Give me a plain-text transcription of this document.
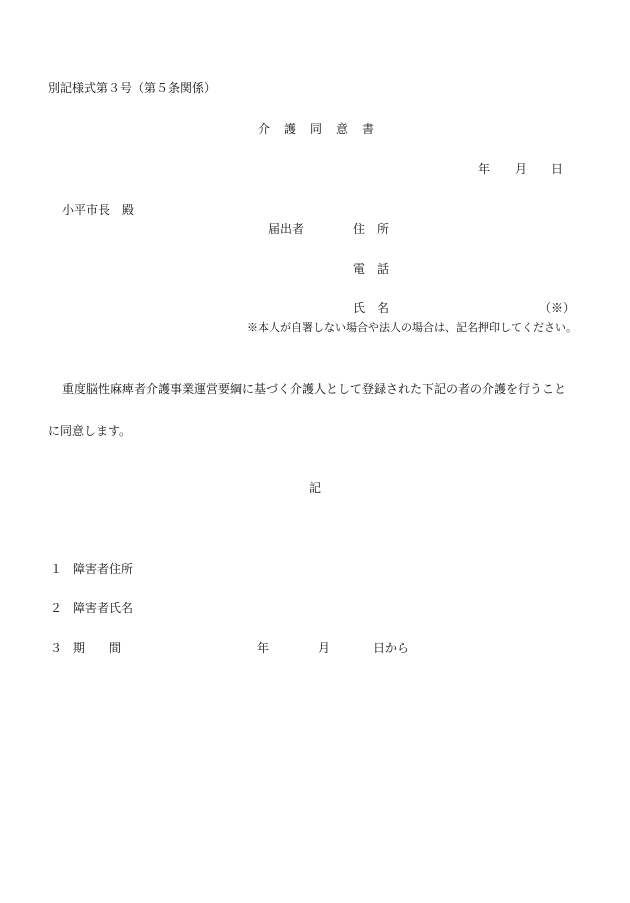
別記様式第３号（第５条関係）
介　護　同　意　書
年 月 日
小平市長　殿
届出者	住　所
電　話
氏　名	（※）
※本人が自署しない場合や法人の場合は、記名押印してください。
重度脳性麻痺者介護事業運営要綱に基づく介護人として登録された下記の者の介護を行うこと
に同意します。
記
１ 障害者住所
２ 障害者氏名
３ 期　　間	年	月	日から
